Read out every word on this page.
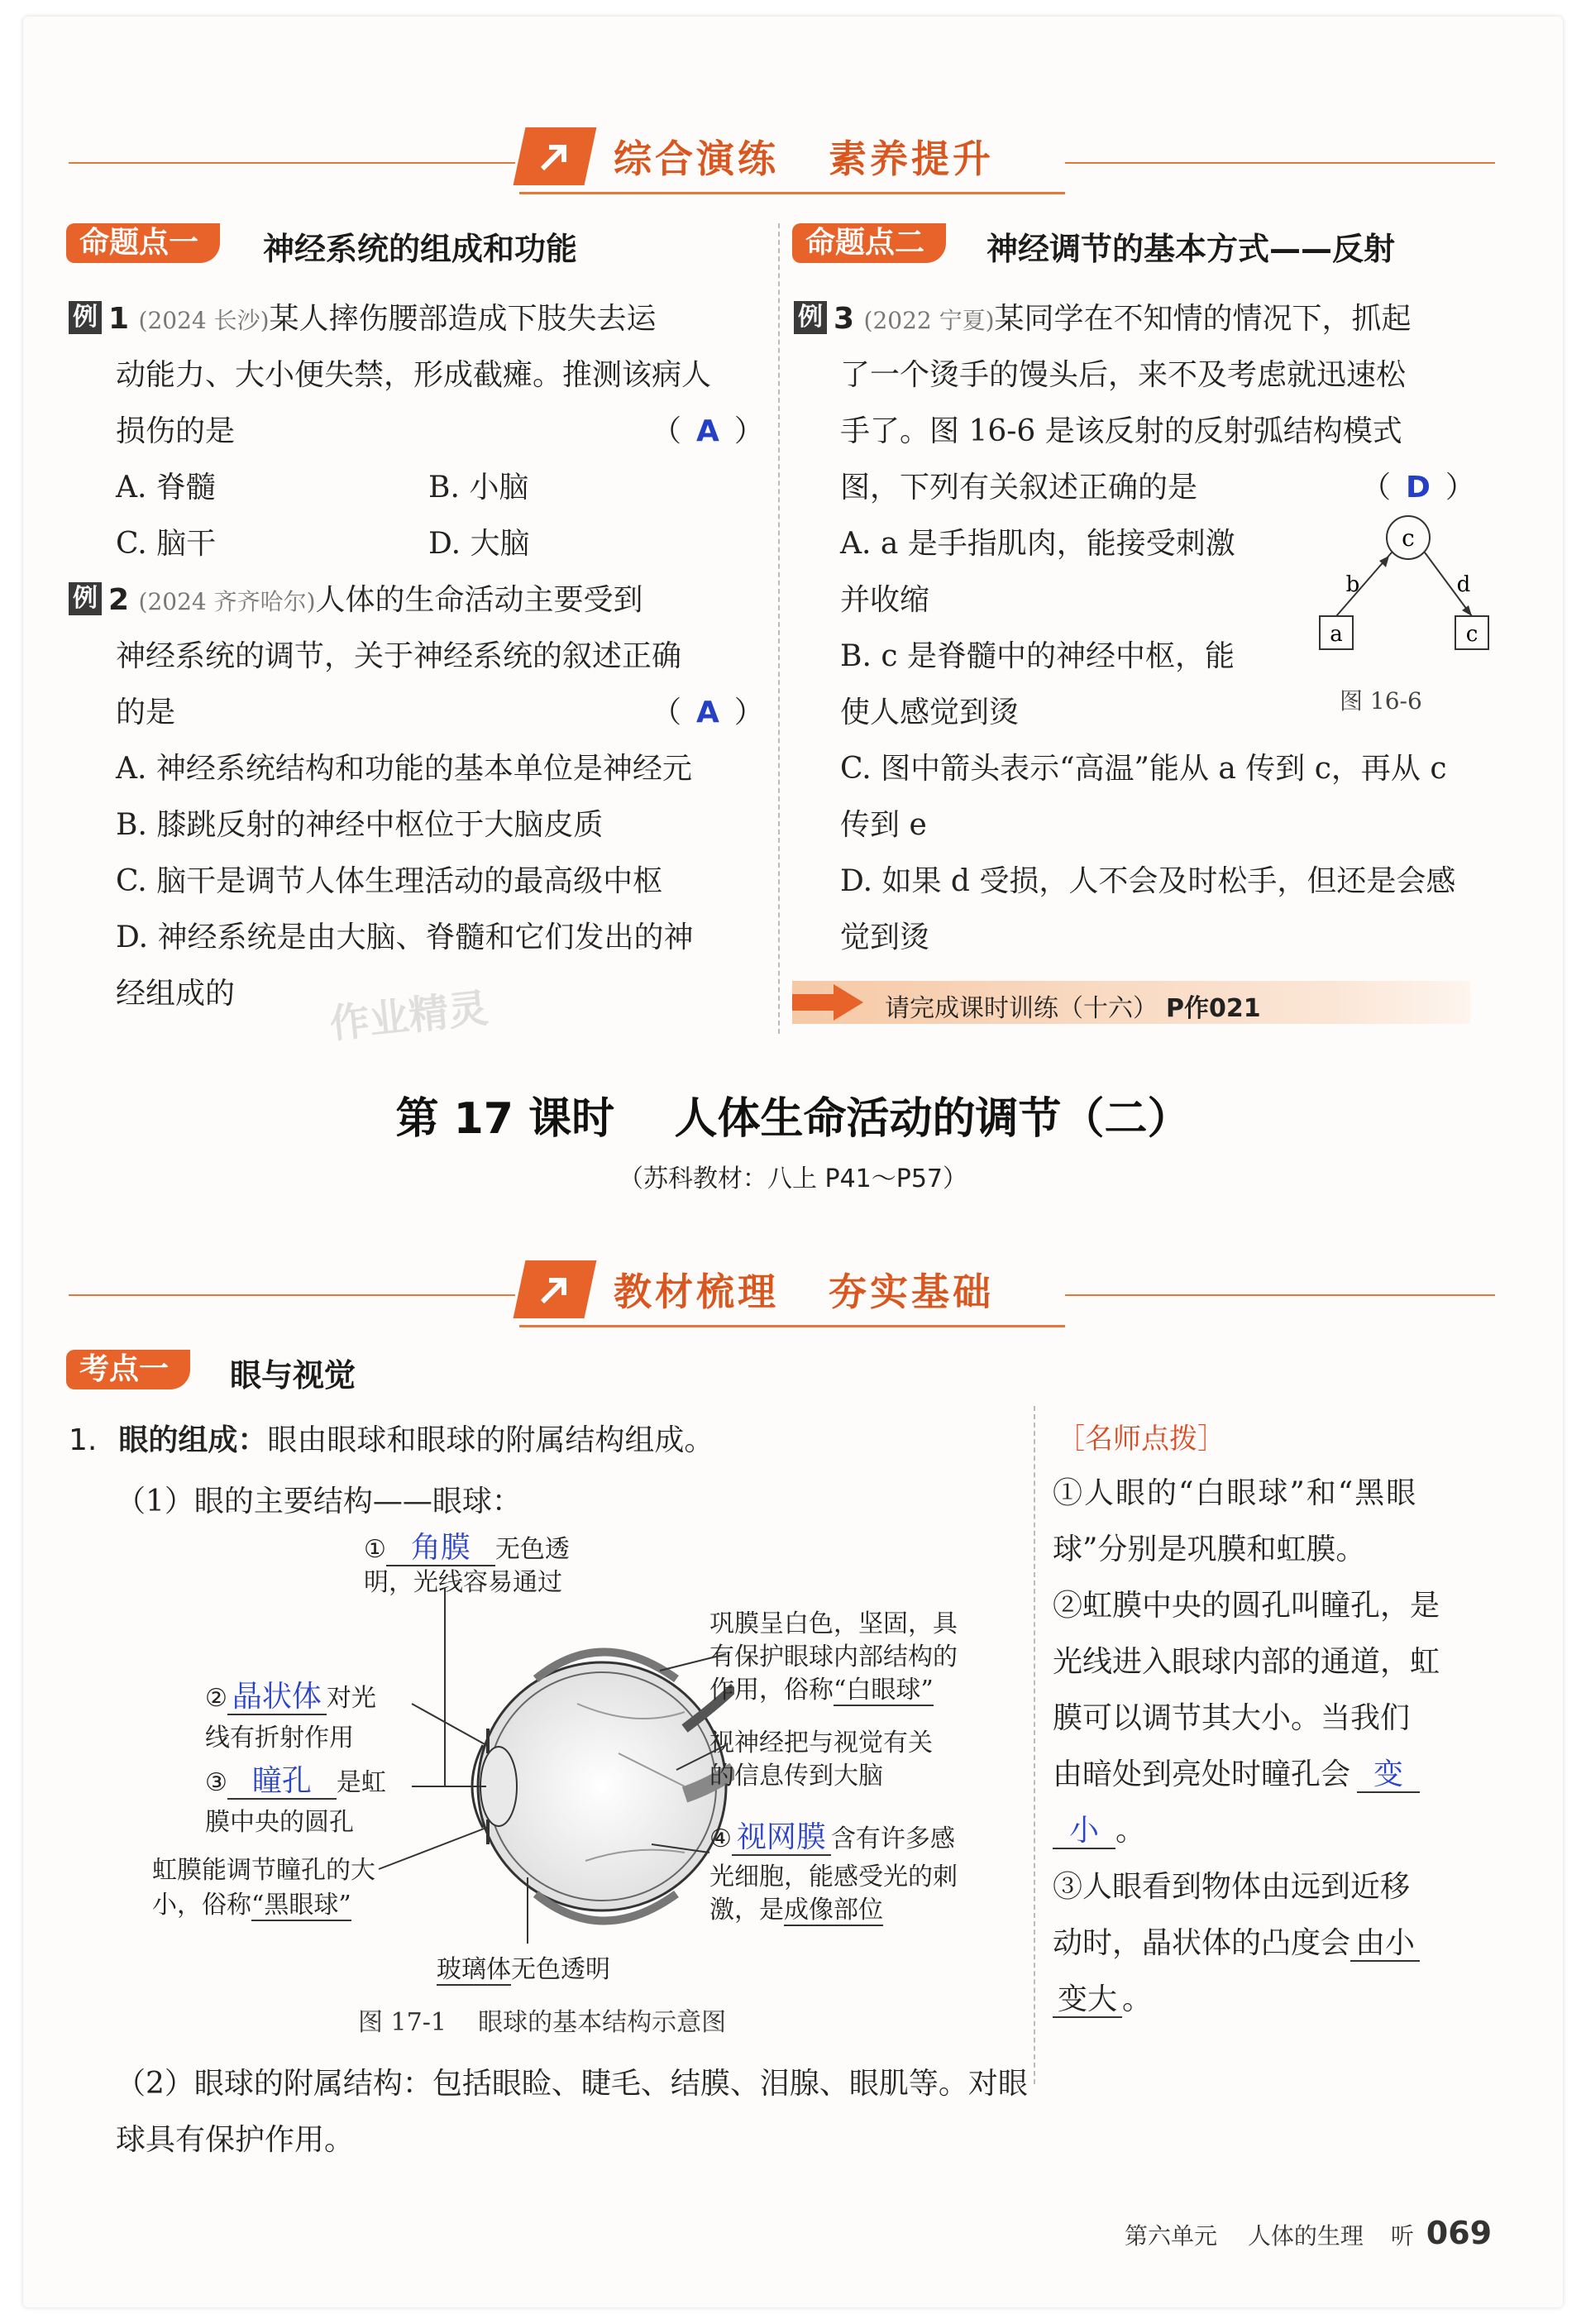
综合演练   素养提升
命题点一	神经系统的组成和功能
例 1 (2024 长沙)某人摔伤腰部造成下肢失去运
动能力、大小便失禁，形成截瘫。推测该病人
损伤的是	（ A ）
A. 脊髓	B. 小脑
C. 脑干	D. 大脑
例 2 (2024 齐齐哈尔)人体的生命活动主要受到
神经系统的调节，关于神经系统的叙述正确
的是	（ A ）
A. 神经系统结构和功能的基本单位是神经元
B. 膝跳反射的神经中枢位于大脑皮质
C. 脑干是调节人体生理活动的最高级中枢
D. 神经系统是由大脑、脊髓和它们发出的神
经组成的 作业精灵
命题点二	神经调节的基本方式——反射
例 3 (2022 宁夏)某同学在不知情的情况下，抓起
了一个烫手的馒头后，来不及考虑就迅速松
手了。图 16-6 是该反射的反射弧结构模式
图，下列有关叙述正确的是	（ D ）
A. a 是手指肌肉，能接受刺激
并收缩
B. c 是脊髓中的神经中枢，能
使人感觉到烫
C. 图中箭头表示“高温”能从 a 传到 c，再从 c
传到 e
D. 如果 d 受损，人不会及时松手，但还是会感
觉到烫
c
b	d
a	c
图 16-6
请完成课时训练（十六） P作021
第 17 课时    人体生命活动的调节（二）
（苏科教材：八上 P41～P57）
教材梳理   夯实基础
考点一	眼与视觉
1. 眼的组成：眼由眼球和眼球的附属结构组成。
（1）眼的主要结构——眼球：
① 角膜 无色透
明，光线容易通过
② 晶状体 对光
线有折射作用
③ 瞳孔 是虹
膜中央的圆孔
虹膜能调节瞳孔的大
小，俗称“黑眼球”
巩膜呈白色，坚固，具
有保护眼球内部结构的
作用，俗称“白眼球”
视神经把与视觉有关
的信息传到大脑
④ 视网膜 含有许多感
光细胞，能感受光的刺
激，是成像部位
玻璃体无色透明
图 17-1    眼球的基本结构示意图
（2）眼球的附属结构：包括眼睑、睫毛、结膜、泪腺、眼肌等。对眼
球具有保护作用。
［名师点拨］
①人眼的“白眼球”和“黑眼
球”分别是巩膜和虹膜。
②虹膜中央的圆孔叫瞳孔，是
光线进入眼球内部的通道，虹
膜可以调节其大小。当我们
由暗处到亮处时瞳孔会 变
小 。
③人眼看到物体由远到近移
动时，晶状体的凸度会 由小
变大 。
第六单元 人体的生理 听 069
